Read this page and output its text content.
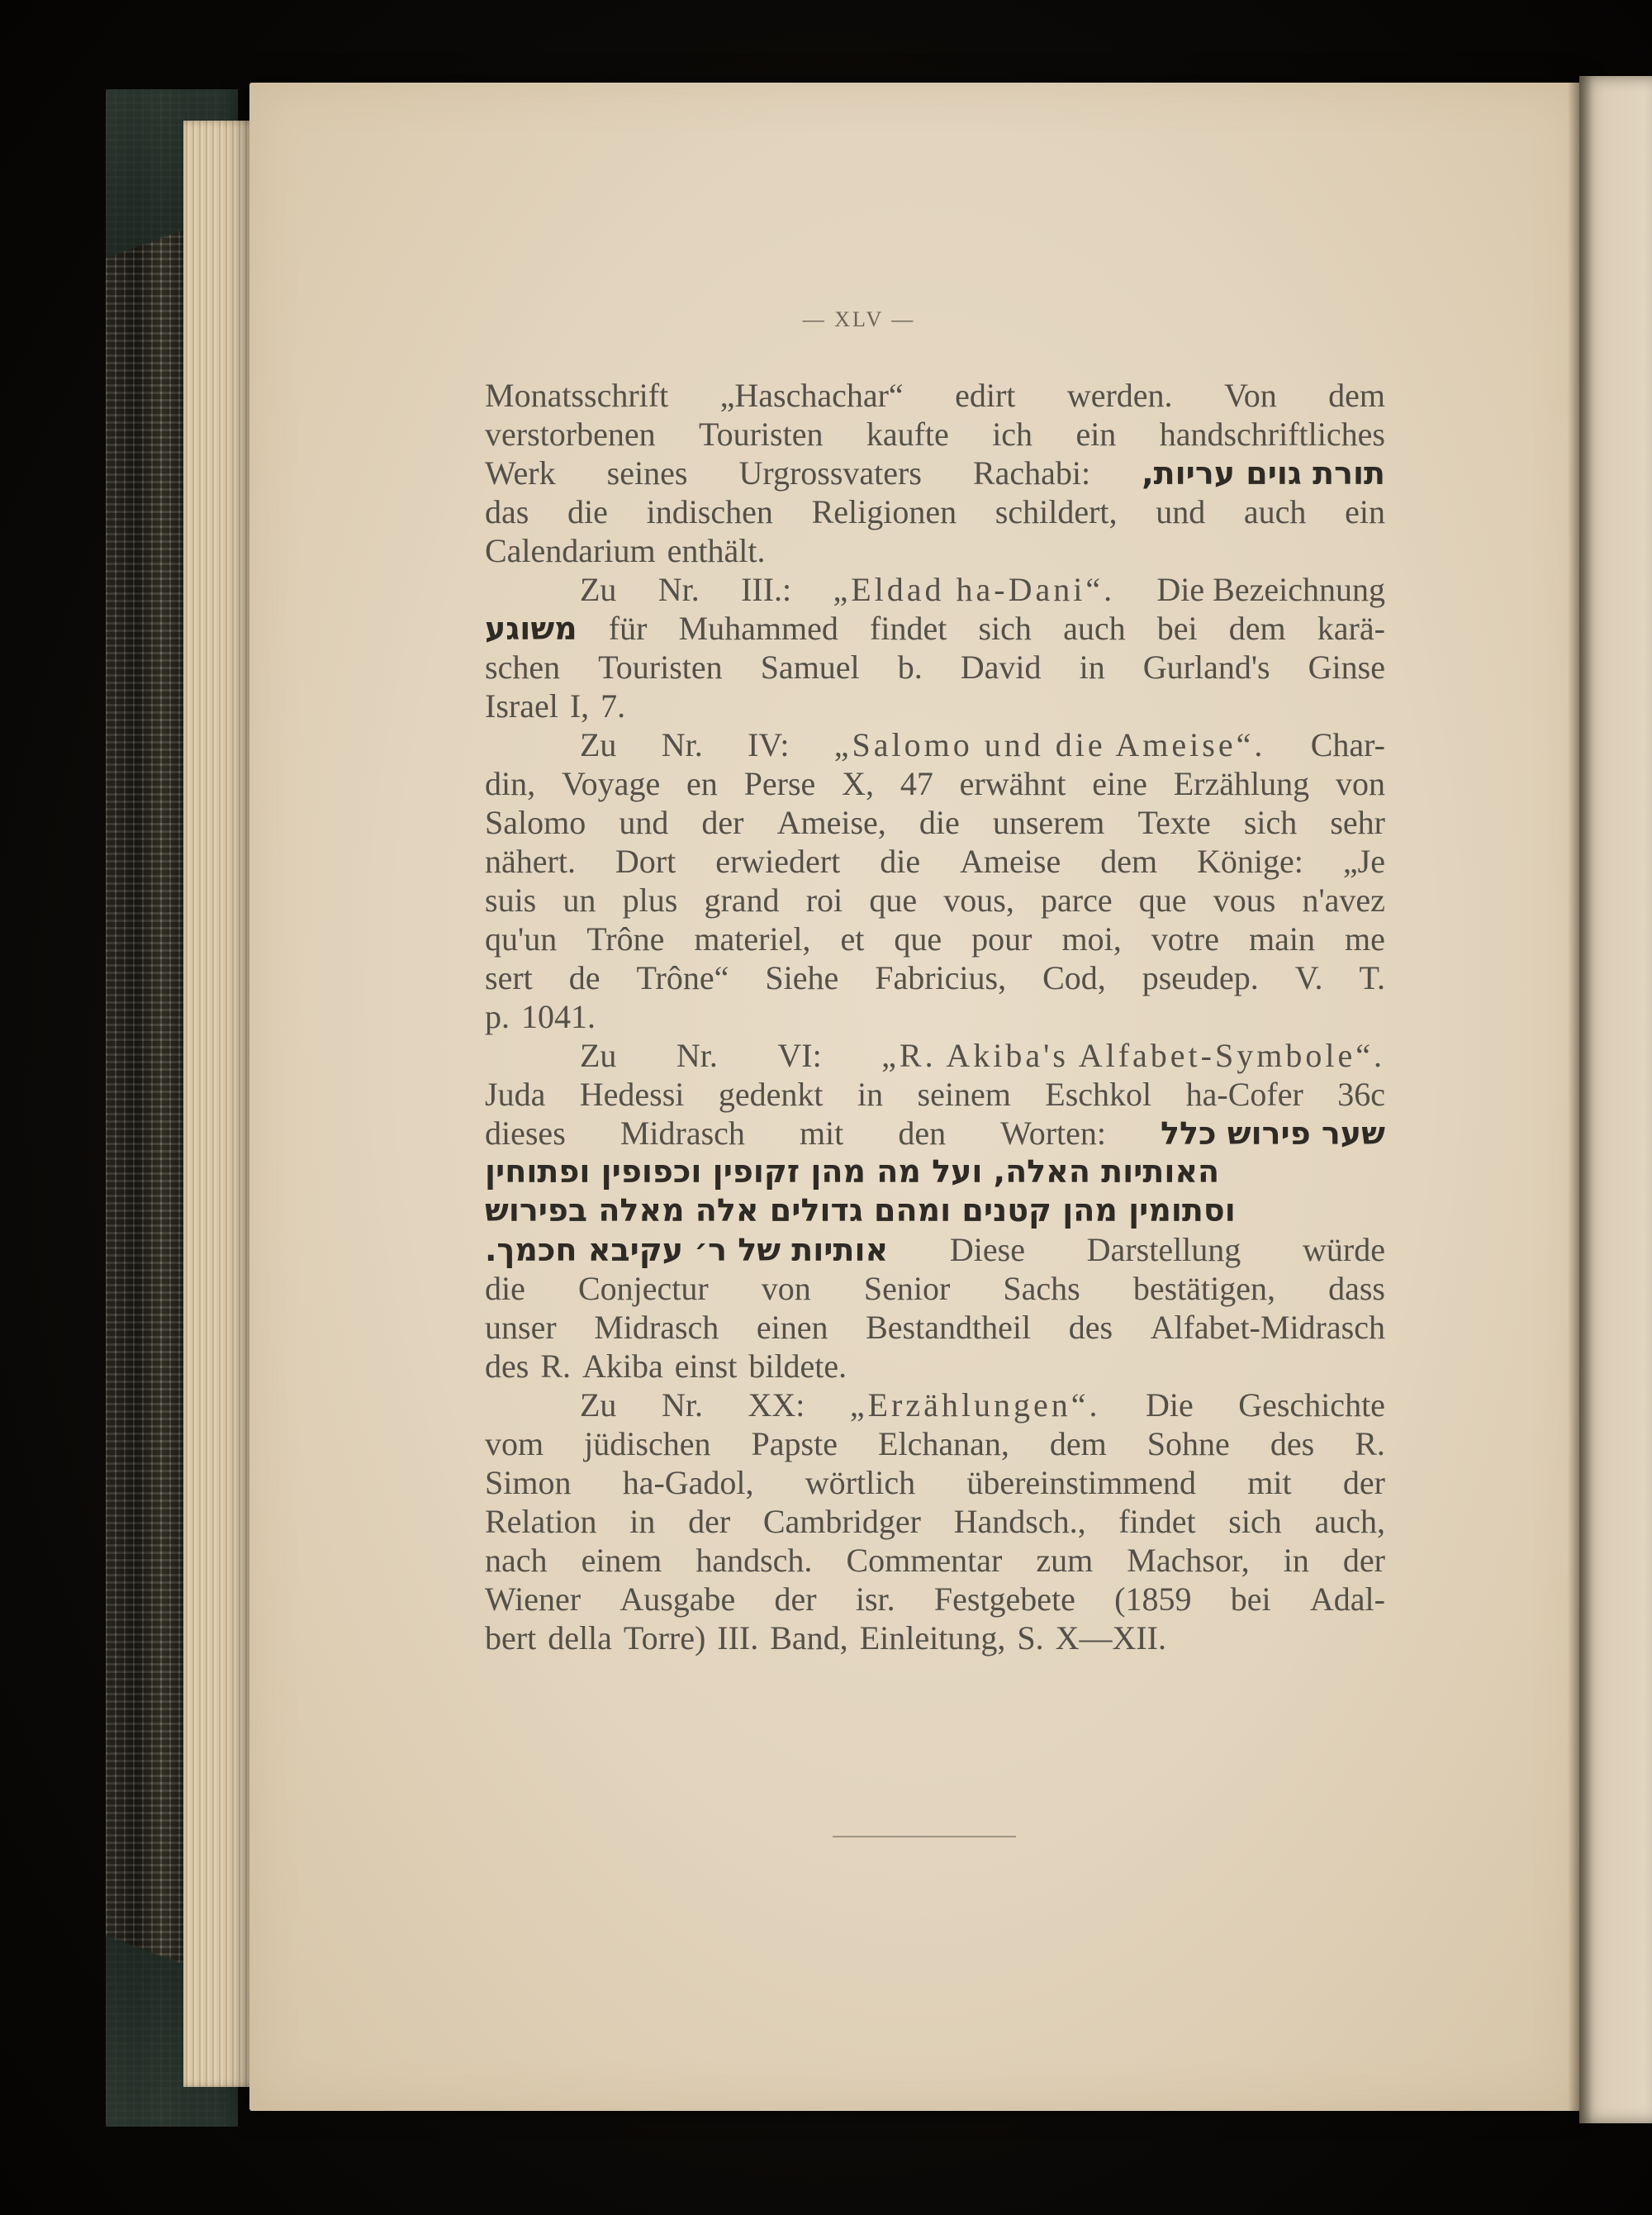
— XLV —
Monatsschrift „Haschachar“ edirt werden. Von dem
verstorbenen Touristen kaufte ich ein handschriftliches
Werk seines Urgrossvaters Rachabi: תורת גוים עריות,
das die indischen Religionen schildert, und auch ein
Calendarium enthält.
Zu Nr. III.: „Eldad ha-Dani“. Die Bezeichnung
משוגע für Muhammed findet sich auch bei dem karä-
schen Touristen Samuel b. David in Gurland's Ginse
Israel I, 7.
Zu Nr. IV: „Salomo und die Ameise“. Char-
din, Voyage en Perse X, 47 erwähnt eine Erzählung von
Salomo und der Ameise, die unserem Texte sich sehr
nähert. Dort erwiedert die Ameise dem Könige: „Je
suis un plus grand roi que vous, parce que vous n'avez
qu'un Trône materiel, et que pour moi, votre main me
sert de Trône“ Siehe Fabricius, Cod, pseudep. V. T.
p. 1041.
Zu Nr. VI: „R. Akiba's Alfabet-Symbole“.
Juda Hedessi gedenkt in seinem Eschkol ha-Cofer 36c
dieses Midrasch mit den Worten: שער פירוש כלל
האותיות האלה, ועל מה מהן זקופין וכפופין ופתוחין
וסתומין מהן קטנים ומהם גדולים אלה מאלה בפירוש
אותיות של ר׳ עקיבא חכמך. Diese Darstellung würde
die Conjectur von Senior Sachs bestätigen, dass
unser Midrasch einen Bestandtheil des Alfabet-Midrasch
des R. Akiba einst bildete.
Zu Nr. XX: „Erzählungen“. Die Geschichte
vom jüdischen Papste Elchanan, dem Sohne des R.
Simon ha-Gadol, wörtlich übereinstimmend mit der
Relation in der Cambridger Handsch., findet sich auch,
nach einem handsch. Commentar zum Machsor, in der
Wiener Ausgabe der isr. Festgebete (1859 bei Adal-
bert della Torre) III. Band, Einleitung, S. X—XII.
